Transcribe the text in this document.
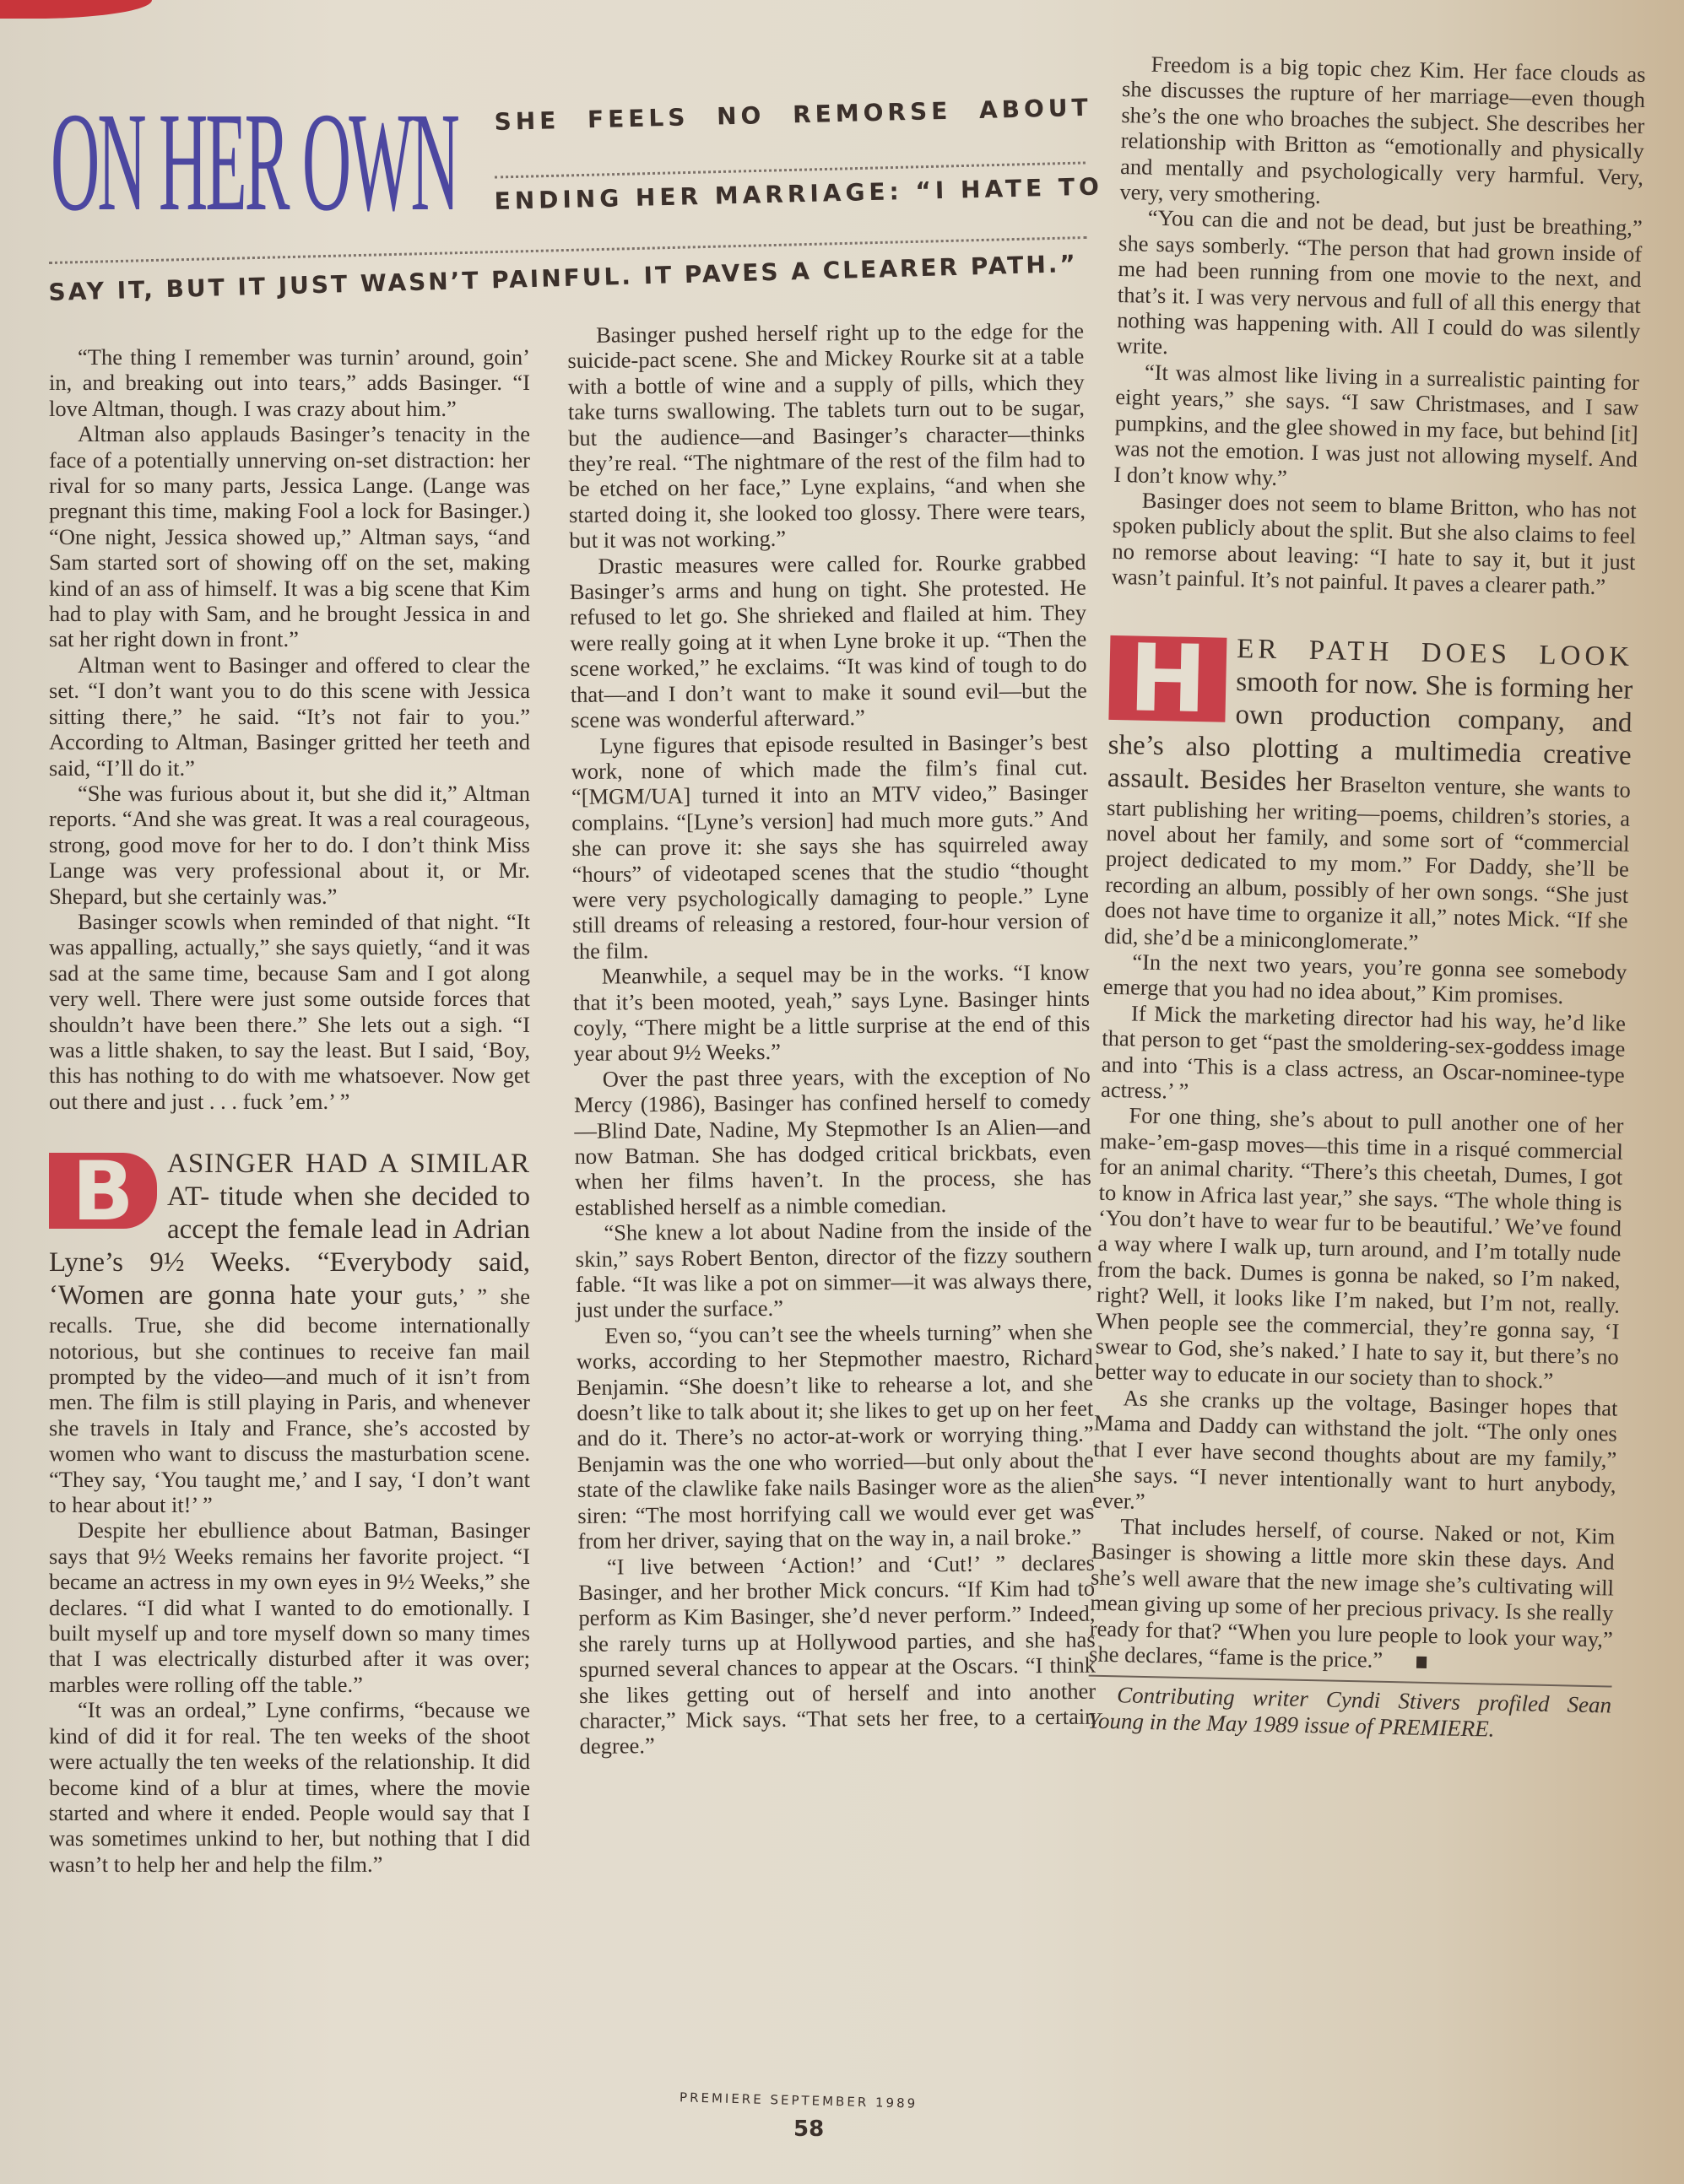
ON HER OWN SHE FEELS NO REMORSE ABOUT
ENDING HER MARRIAGE: “I HATE TO
SAY IT, BUT IT JUST WASN’T PAINFUL. IT PAVES A CLEARER PATH.”

“The thing I remember was turnin’ around, goin’ in, and breaking out into tears,” adds Basinger. “I love Altman, though. I was crazy about him.”

Altman also applauds Basinger’s tenacity in the face of a potentially unnerving on-set distraction: her rival for so many parts, Jessica Lange. (Lange was pregnant this time, making Fool a lock for Basinger.) “One night, Jessica showed up,” Altman says, “and Sam started sort of showing off on the set, making kind of an ass of himself. It was a big scene that Kim had to play with Sam, and he brought Jessica in and sat her right down in front.”

Altman went to Basinger and offered to clear the set. “I don’t want you to do this scene with Jessica sitting there,” he said. “It’s not fair to you.” According to Altman, Basinger gritted her teeth and said, “I’ll do it.”

“She was furious about it, but she did it,” Altman reports. “And she was great. It was a real courageous, strong, good move for her to do. I don’t think Miss Lange was very professional about it, or Mr. Shepard, but she certainly was.”

Basinger scowls when reminded of that night. “It was appalling, actually,” she says quietly, “and it was sad at the same time, because Sam and I got along very well. There were just some outside forces that shouldn’t have been there.” She lets out a sigh. “I was a little shaken, to say the least. But I said, ‘Boy, this has nothing to do with me whatsoever. Now get out there and just . . . fuck ’em.’ ”

B	ASINGER HAD A SIMILAR AT- titude when she decided to accept the female lead in Adrian Lyne’s 9½ Weeks. “Everybody said, ‘Women are gonna hate your guts,’ ” she recalls. True, she did become internationally notorious, but she continues to receive fan mail prompted by the video—and much of it isn’t from men. The film is still playing in Paris, and whenever she travels in Italy and France, she’s accosted by women who want to discuss the masturbation scene. “They say, ‘You taught me,’ and I say, ‘I don’t want to hear about it!’ ”

Despite her ebullience about Batman, Basinger says that 9½ Weeks remains her favorite project. “I became an actress in my own eyes in 9½ Weeks,” she declares. “I did what I wanted to do emotionally. I built myself up and tore myself down so many times that I was electrically disturbed after it was over; marbles were rolling off the table.”

“It was an ordeal,” Lyne confirms, “because we kind of did it for real. The ten weeks of the shoot were actually the ten weeks of the relationship. It did become kind of a blur at times, where the movie started and where it ended. People would say that I was sometimes unkind to her, but nothing that I did wasn’t to help her and help the film.”

Basinger pushed herself right up to the edge for the suicide-pact scene. She and Mickey Rourke sit at a table with a bottle of wine and a supply of pills, which they take turns swallowing. The tablets turn out to be sugar, but the audience—and Basinger’s character—thinks they’re real. “The nightmare of the rest of the film had to be etched on her face,” Lyne explains, “and when she started doing it, she looked too glossy. There were tears, but it was not working.”

Drastic measures were called for. Rourke grabbed Basinger’s arms and hung on tight. She protested. He refused to let go. She shrieked and flailed at him. They were really going at it when Lyne broke it up. “Then the scene worked,” he exclaims. “It was kind of tough to do that—and I don’t want to make it sound evil—but the scene was wonderful afterward.”

Lyne figures that episode resulted in Basinger’s best work, none of which made the film’s final cut. “[MGM/UA] turned it into an MTV video,” Basinger complains. “[Lyne’s version] had much more guts.” And she can prove it: she says she has squirreled away “hours” of videotaped scenes that the studio “thought were very psychologically damaging to people.” Lyne still dreams of releasing a restored, four-hour version of the film.

Meanwhile, a sequel may be in the works. “I know that it’s been mooted, yeah,” says Lyne. Basinger hints coyly, “There might be a little surprise at the end of this year about 9½ Weeks.”

Over the past three years, with the exception of No Mercy (1986), Basinger has confined herself to comedy—Blind Date, Nadine, My Stepmother Is an Alien—and now Batman. She has dodged critical brickbats, even when her films haven’t. In the process, she has established herself as a nimble comedian.

“She knew a lot about Nadine from the inside of the skin,” says Robert Benton, director of the fizzy southern fable. “It was like a pot on simmer—it was always there, just under the surface.”

Even so, “you can’t see the wheels turning” when she works, according to her Stepmother maestro, Richard Benjamin. “She doesn’t like to rehearse a lot, and she doesn’t like to talk about it; she likes to get up on her feet and do it. There’s no actor-at-work or worrying thing.” Benjamin was the one who worried—but only about the state of the clawlike fake nails Basinger wore as the alien siren: “The most horrifying call we would ever get was from her driver, saying that on the way in, a nail broke.”

“I live between ‘Action!’ and ‘Cut!’ ” declares Basinger, and her brother Mick concurs. “If Kim had to perform as Kim Basinger, she’d never perform.” Indeed, she rarely turns up at Hollywood parties, and she has spurned several chances to appear at the Oscars. “I think she likes getting out of herself and into another character,” Mick says. “That sets her free, to a certain degree.”

Freedom is a big topic chez Kim. Her face clouds as she discusses the rupture of her marriage—even though she’s the one who broaches the subject. She describes her relationship with Britton as “emotionally and physically and mentally and psychologically very harmful. Very, very, very smothering.

“You can die and not be dead, but just be breathing,” she says somberly. “The person that had grown inside of me had been running from one movie to the next, and that’s it. I was very nervous and full of all this energy that nothing was happening with. All I could do was silently write.

“It was almost like living in a surrealistic painting for eight years,” she says. “I saw Christmases, and I saw pumpkins, and the glee showed in my face, but behind [it] was not the emotion. I was just not allowing myself. And I don’t know why.”

Basinger does not seem to blame Britton, who has not spoken publicly about the split. But she also claims to feel no remorse about leaving: “I hate to say it, but it just wasn’t painful. It’s not painful. It paves a clearer path.”

H	ER PATH DOES LOOK smooth for now. She is forming her own production company, and she’s also plotting a multimedia creative assault. Besides her Braselton venture, she wants to start publishing her writing—poems, children’s stories, a novel about her family, and some sort of “commercial project dedicated to my mom.” For Daddy, she’ll be recording an album, possibly of her own songs. “She just does not have time to organize it all,” notes Mick. “If she did, she’d be a miniconglomerate.”

“In the next two years, you’re gonna see somebody emerge that you had no idea about,” Kim promises.

If Mick the marketing director had his way, he’d like that person to get “past the smoldering-sex-goddess image and into ‘This is a class actress, an Oscar-nominee-type actress.’ ”

For one thing, she’s about to pull another one of her make-’em-gasp moves—this time in a risqué commercial for an animal charity. “There’s this cheetah, Dumes, I got to know in Africa last year,” she says. “The whole thing is ‘You don’t have to wear fur to be beautiful.’ We’ve found a way where I walk up, turn around, and I’m totally nude from the back. Dumes is gonna be naked, so I’m naked, right? Well, it looks like I’m naked, but I’m not, really. When people see the commercial, they’re gonna say, ‘I swear to God, she’s naked.’ I hate to say it, but there’s no better way to educate in our society than to shock.”

As she cranks up the voltage, Basinger hopes that Mama and Daddy can withstand the jolt. “The only ones that I ever have second thoughts about are my family,” she says. “I never intentionally want to hurt anybody, ever.”

That includes herself, of course. Naked or not, Kim Basinger is showing a little more skin these days. And she’s well aware that the new image she’s cultivating will mean giving up some of her precious privacy. Is she really ready for that? “When you lure people to look your way,” she declares, “fame is the price.”

Contributing writer Cyndi Stivers profiled Sean Young in the May 1989 issue of PREMIERE.

PREMIERE SEPTEMBER 1989
58
